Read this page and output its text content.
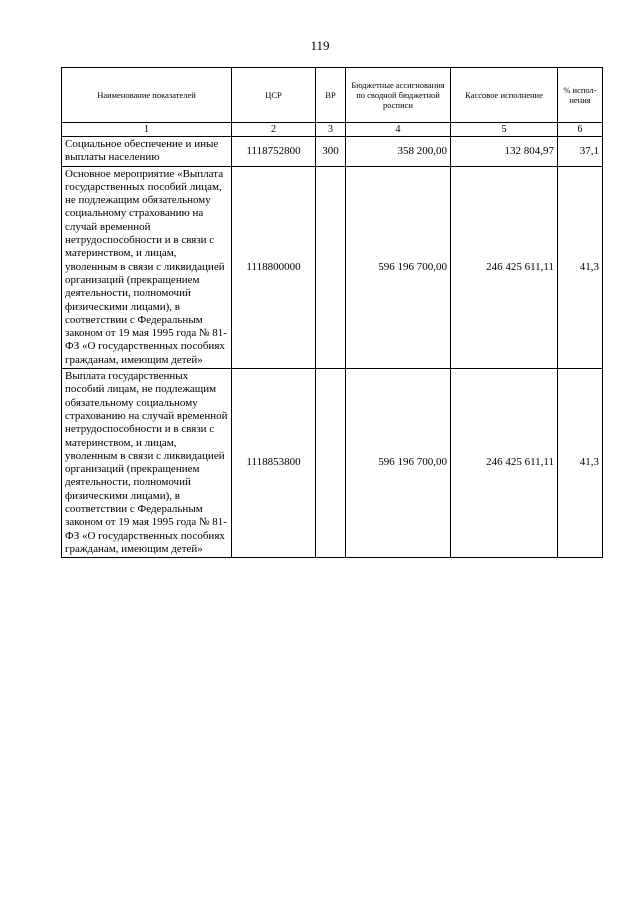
119
Наименование показателей	ЦСР	ВР	Бюджетные ассигнования по сводной бюджетной росписи	Кассовое исполнение	% испол-нения
1	2	3	4	5	6
Социальное обеспечение и иные выплаты населению	1118752800	300	358 200,00	132 804,97	37,1
Основное мероприятие «Выплата государственных пособий лицам, не подлежащим обязательному социальному страхованию на случай временной нетрудоспособности и в связи с материнством, и лицам, уволенным в связи с ликвидацией организаций (прекращением деятельности, полномочий физическими лицами), в соответствии с Федеральным законом от 19 мая 1995 года № 81-ФЗ «О государственных пособиях гражданам, имеющим детей»	1118800000		596 196 700,00	246 425 611,11	41,3
Выплата государственных пособий лицам, не подлежащим обязательному социальному страхованию на случай временной нетрудоспособности и в связи с материнством, и лицам, уволенным в связи с ликвидацией организаций (прекращением деятельности, полномочий физическими лицами), в соответствии с Федеральным законом от 19 мая 1995 года № 81-ФЗ «О государственных пособиях гражданам, имеющим детей»	1118853800		596 196 700,00	246 425 611,11	41,3
